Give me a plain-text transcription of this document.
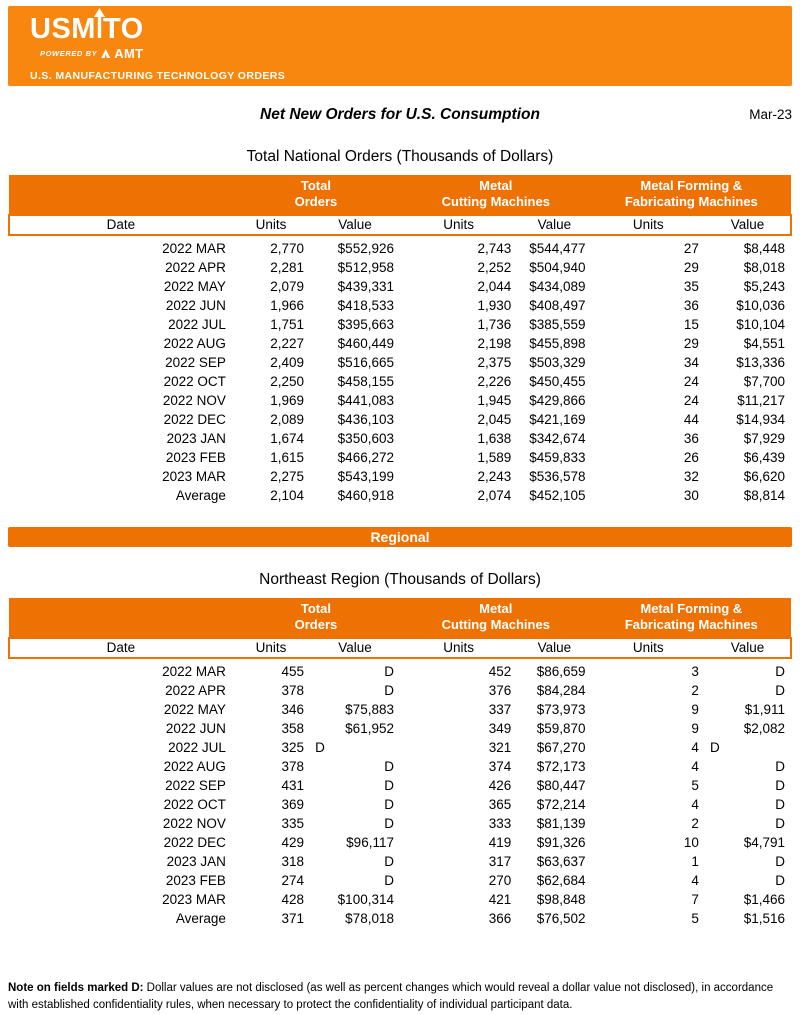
USM TO
POWERED BY AMT
U.S. MANUFACTURING TECHNOLOGY ORDERS
Net New Orders for U.S. Consumption	Mar-23
Total National Orders (Thousands of Dollars)

Total
Orders

Metal
Cutting Machines

Metal Forming &
Fabricating Machines

Date	Units	Value	Units	Value	Units	Value
2022 MAR	2,770	$552,926	2,743	$544,477	27	$8,448
2022 APR	2,281	$512,958	2,252	$504,940	29	$8,018
2022 MAY	2,079	$439,331	2,044	$434,089	35	$5,243
2022 JUN	1,966	$418,533	1,930	$408,497	36	$10,036
2022 JUL	1,751	$395,663	1,736	$385,559	15	$10,104
2022 AUG	2,227	$460,449	2,198	$455,898	29	$4,551
2022 SEP	2,409	$516,665	2,375	$503,329	34	$13,336
2022 OCT	2,250	$458,155	2,226	$450,455	24	$7,700
2022 NOV	1,969	$441,083	1,945	$429,866	24	$11,217
2022 DEC	2,089	$436,103	2,045	$421,169	44	$14,934
2023 JAN	1,674	$350,603	1,638	$342,674	36	$7,929
2023 FEB	1,615	$466,272	1,589	$459,833	26	$6,439
2023 MAR	2,275	$543,199	2,243	$536,578	32	$6,620
Average	2,104	$460,918	2,074	$452,105	30	$8,814
Regional
Northeast Region (Thousands of Dollars)

Total
Orders

Metal
Cutting Machines

Metal Forming &
Fabricating Machines

Date	Units	Value	Units	Value	Units	Value
2022 MAR	455	D	452	$86,659	3	D
2022 APR	378	D	376	$84,284	2	D
2022 MAY	346	$75,883	337	$73,973	9	$1,911
2022 JUN	358	$61,952	349	$59,870	9	$2,082
2022 JUL	325	D	321	$67,270	4	D
2022 AUG	378	D	374	$72,173	4	D
2022 SEP	431	D	426	$80,447	5	D
2022 OCT	369	D	365	$72,214	4	D
2022 NOV	335	D	333	$81,139	2	D
2022 DEC	429	$96,117	419	$91,326	10	$4,791
2023 JAN	318	D	317	$63,637	1	D
2023 FEB	274	D	270	$62,684	4	D
2023 MAR	428	$100,314	421	$98,848	7	$1,466
Average	371	$78,018	366	$76,502	5	$1,516

Note on fields marked D: Dollar values are not disclosed (as well as percent changes which would reveal a dollar value not disclosed), in accordance with established confidentiality rules, when necessary to protect the confidentiality of individual participant data.
